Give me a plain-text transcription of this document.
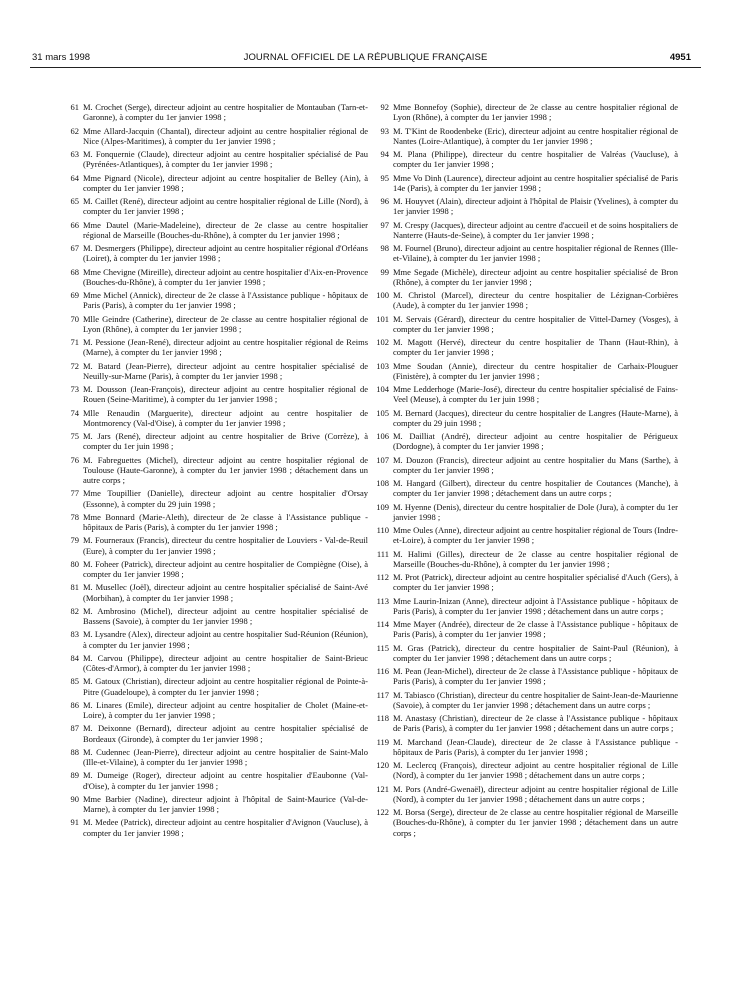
31 mars 1998	JOURNAL OFFICIEL DE LA RÉPUBLIQUE FRANÇAISE	4951
61 M. Crochet (Serge), directeur adjoint au centre hospitalier de Montauban (Tarn-et-Garonne), à compter du 1er janvier 1998 ;
62 Mme Allard-Jacquin (Chantal), directeur adjoint au centre hospitalier régional de Nice (Alpes-Maritimes), à compter du 1er janvier 1998 ;
63 M. Fonquernie (Claude), directeur adjoint au centre hospitalier spécialisé de Pau (Pyrénées-Atlantiques), à compter du 1er janvier 1998 ;
64 Mme Pignard (Nicole), directeur adjoint au centre hospitalier de Belley (Ain), à compter du 1er janvier 1998 ;
65 M. Caillet (René), directeur adjoint au centre hospitalier régional de Lille (Nord), à compter du 1er janvier 1998 ;
66 Mme Dautel (Marie-Madeleine), directeur de 2e classe au centre hospitalier régional de Marseille (Bouches-du-Rhône), à compter du 1er janvier 1998 ;
67 M. Desmergers (Philippe), directeur adjoint au centre hospitalier régional d'Orléans (Loiret), à compter du 1er janvier 1998 ;
68 Mme Chevigne (Mireille), directeur adjoint au centre hospitalier d'Aix-en-Provence (Bouches-du-Rhône), à compter du 1er janvier 1998 ;
69 Mme Michel (Annick), directeur de 2e classe à l'Assistance publique - hôpitaux de Paris (Paris), à compter du 1er janvier 1998 ;
70 Mlle Geindre (Catherine), directeur de 2e classe au centre hospitalier régional de Lyon (Rhône), à compter du 1er janvier 1998 ;
71 M. Pessione (Jean-René), directeur adjoint au centre hospitalier régional de Reims (Marne), à compter du 1er janvier 1998 ;
72 M. Batard (Jean-Pierre), directeur adjoint au centre hospitalier spécialisé de Neuilly-sur-Marne (Paris), à compter du 1er janvier 1998 ;
73 M. Dousson (Jean-François), directeur adjoint au centre hospitalier régional de Rouen (Seine-Maritime), à compter du 1er janvier 1998 ;
74 Mlle Renaudin (Marguerite), directeur adjoint au centre hospitalier de Montmorency (Val-d'Oise), à compter du 1er janvier 1998 ;
75 M. Jars (René), directeur adjoint au centre hospitalier de Brive (Corrèze), à compter du 1er juin 1998 ;
76 M. Fabreguettes (Michel), directeur adjoint au centre hospitalier régional de Toulouse (Haute-Garonne), à compter du 1er janvier 1998 ; détachement dans un autre corps ;
77 Mme Toupillier (Danielle), directeur adjoint au centre hospitalier d'Orsay (Essonne), à compter du 29 juin 1998 ;
78 Mme Bonnard (Marie-Aleth), directeur de 2e classe à l'Assistance publique - hôpitaux de Paris (Paris), à compter du 1er janvier 1998 ;
79 M. Fourneraux (Francis), directeur du centre hospitalier de Louviers - Val-de-Reuil (Eure), à compter du 1er janvier 1998 ;
80 M. Foheer (Patrick), directeur adjoint au centre hospitalier de Compiègne (Oise), à compter du 1er janvier 1998 ;
81 M. Musellec (Joël), directeur adjoint au centre hospitalier spécialisé de Saint-Avé (Morbihan), à compter du 1er janvier 1998 ;
82 M. Ambrosino (Michel), directeur adjoint au centre hospitalier spécialisé de Bassens (Savoie), à compter du 1er janvier 1998 ;
83 M. Lysandre (Alex), directeur adjoint au centre hospitalier Sud-Réunion (Réunion), à compter du 1er janvier 1998 ;
84 M. Carvou (Philippe), directeur adjoint au centre hospitalier de Saint-Brieuc (Côtes-d'Armor), à compter du 1er janvier 1998 ;
85 M. Gatoux (Christian), directeur adjoint au centre hospitalier régional de Pointe-à-Pitre (Guadeloupe), à compter du 1er janvier 1998 ;
86 M. Linares (Emile), directeur adjoint au centre hospitalier de Cholet (Maine-et-Loire), à compter du 1er janvier 1998 ;
87 M. Deixonne (Bernard), directeur adjoint au centre hospitalier spécialisé de Bordeaux (Gironde), à compter du 1er janvier 1998 ;
88 M. Cudennec (Jean-Pierre), directeur adjoint au centre hospitalier de Saint-Malo (Ille-et-Vilaine), à compter du 1er janvier 1998 ;
89 M. Dumeige (Roger), directeur adjoint au centre hospitalier d'Eaubonne (Val-d'Oise), à compter du 1er janvier 1998 ;
90 Mme Barbier (Nadine), directeur adjoint à l'hôpital de Saint-Maurice (Val-de-Marne), à compter du 1er janvier 1998 ;
91 M. Medee (Patrick), directeur adjoint au centre hospitalier d'Avignon (Vaucluse), à compter du 1er janvier 1998 ;
92 Mme Bonnefoy (Sophie), directeur de 2e classe au centre hospitalier régional de Lyon (Rhône), à compter du 1er janvier 1998 ;
93 M. T'Kint de Roodenbeke (Eric), directeur adjoint au centre hospitalier régional de Nantes (Loire-Atlantique), à compter du 1er janvier 1998 ;
94 M. Plana (Philippe), directeur du centre hospitalier de Valréas (Vaucluse), à compter du 1er janvier 1998 ;
95 Mme Vo Dinh (Laurence), directeur adjoint au centre hospitalier spécialisé de Paris 14e (Paris), à compter du 1er janvier 1998 ;
96 M. Houyvet (Alain), directeur adjoint à l'hôpital de Plaisir (Yvelines), à compter du 1er janvier 1998 ;
97 M. Crespy (Jacques), directeur adjoint au centre d'accueil et de soins hospitaliers de Nanterre (Hauts-de-Seine), à compter du 1er janvier 1998 ;
98 M. Fournel (Bruno), directeur adjoint au centre hospitalier régional de Rennes (Ille-et-Vilaine), à compter du 1er janvier 1998 ;
99 Mme Segade (Michèle), directeur adjoint au centre hospitalier spécialisé de Bron (Rhône), à compter du 1er janvier 1998 ;
100 M. Christol (Marcel), directeur du centre hospitalier de Lézignan-Corbières (Aude), à compter du 1er janvier 1998 ;
101 M. Servais (Gérard), directeur du centre hospitalier de Vittel-Darney (Vosges), à compter du 1er janvier 1998 ;
102 M. Magott (Hervé), directeur du centre hospitalier de Thann (Haut-Rhin), à compter du 1er janvier 1998 ;
103 Mme Soudan (Annie), directeur du centre hospitalier de Carhaix-Plouguer (Finistère), à compter du 1er janvier 1998 ;
104 Mme Ledderhoge (Marie-José), directeur du centre hospitalier spécialisé de Fains-Veel (Meuse), à compter du 1er juin 1998 ;
105 M. Bernard (Jacques), directeur du centre hospitalier de Langres (Haute-Marne), à compter du 29 juin 1998 ;
106 M. Dailliat (André), directeur adjoint au centre hospitalier de Périgueux (Dordogne), à compter du 1er janvier 1998 ;
107 M. Douzon (Francis), directeur adjoint au centre hospitalier du Mans (Sarthe), à compter du 1er janvier 1998 ;
108 M. Hangard (Gilbert), directeur du centre hospitalier de Coutances (Manche), à compter du 1er janvier 1998 ; détachement dans un autre corps ;
109 M. Hyenne (Denis), directeur du centre hospitalier de Dole (Jura), à compter du 1er janvier 1998 ;
110 Mme Oules (Anne), directeur adjoint au centre hospitalier régional de Tours (Indre-et-Loire), à compter du 1er janvier 1998 ;
111 M. Halimi (Gilles), directeur de 2e classe au centre hospitalier régional de Marseille (Bouches-du-Rhône), à compter du 1er janvier 1998 ;
112 M. Prot (Patrick), directeur adjoint au centre hospitalier spécialisé d'Auch (Gers), à compter du 1er janvier 1998 ;
113 Mme Laurin-Inizan (Anne), directeur adjoint à l'Assistance publique - hôpitaux de Paris (Paris), à compter du 1er janvier 1998 ; détachement dans un autre corps ;
114 Mme Mayer (Andrée), directeur de 2e classe à l'Assistance publique - hôpitaux de Paris (Paris), à compter du 1er janvier 1998 ;
115 M. Gras (Patrick), directeur du centre hospitalier de Saint-Paul (Réunion), à compter du 1er janvier 1998 ; détachement dans un autre corps ;
116 M. Pean (Jean-Michel), directeur de 2e classe à l'Assistance publique - hôpitaux de Paris (Paris), à compter du 1er janvier 1998 ;
117 M. Tabiasco (Christian), directeur du centre hospitalier de Saint-Jean-de-Maurienne (Savoie), à compter du 1er janvier 1998 ; détachement dans un autre corps ;
118 M. Anastasy (Christian), directeur de 2e classe à l'Assistance publique - hôpitaux de Paris (Paris), à compter du 1er janvier 1998 ; détachement dans un autre corps ;
119 M. Marchand (Jean-Claude), directeur de 2e classe à l'Assistance publique - hôpitaux de Paris (Paris), à compter du 1er janvier 1998 ;
120 M. Leclercq (François), directeur adjoint au centre hospitalier régional de Lille (Nord), à compter du 1er janvier 1998 ; détachement dans un autre corps ;
121 M. Pors (André-Gwenaël), directeur adjoint au centre hospitalier régional de Lille (Nord), à compter du 1er janvier 1998 ; détachement dans un autre corps ;
122 M. Borsa (Serge), directeur de 2e classe au centre hospitalier régional de Marseille (Bouches-du-Rhône), à compter du 1er janvier 1998 ; détachement dans un autre corps ;
